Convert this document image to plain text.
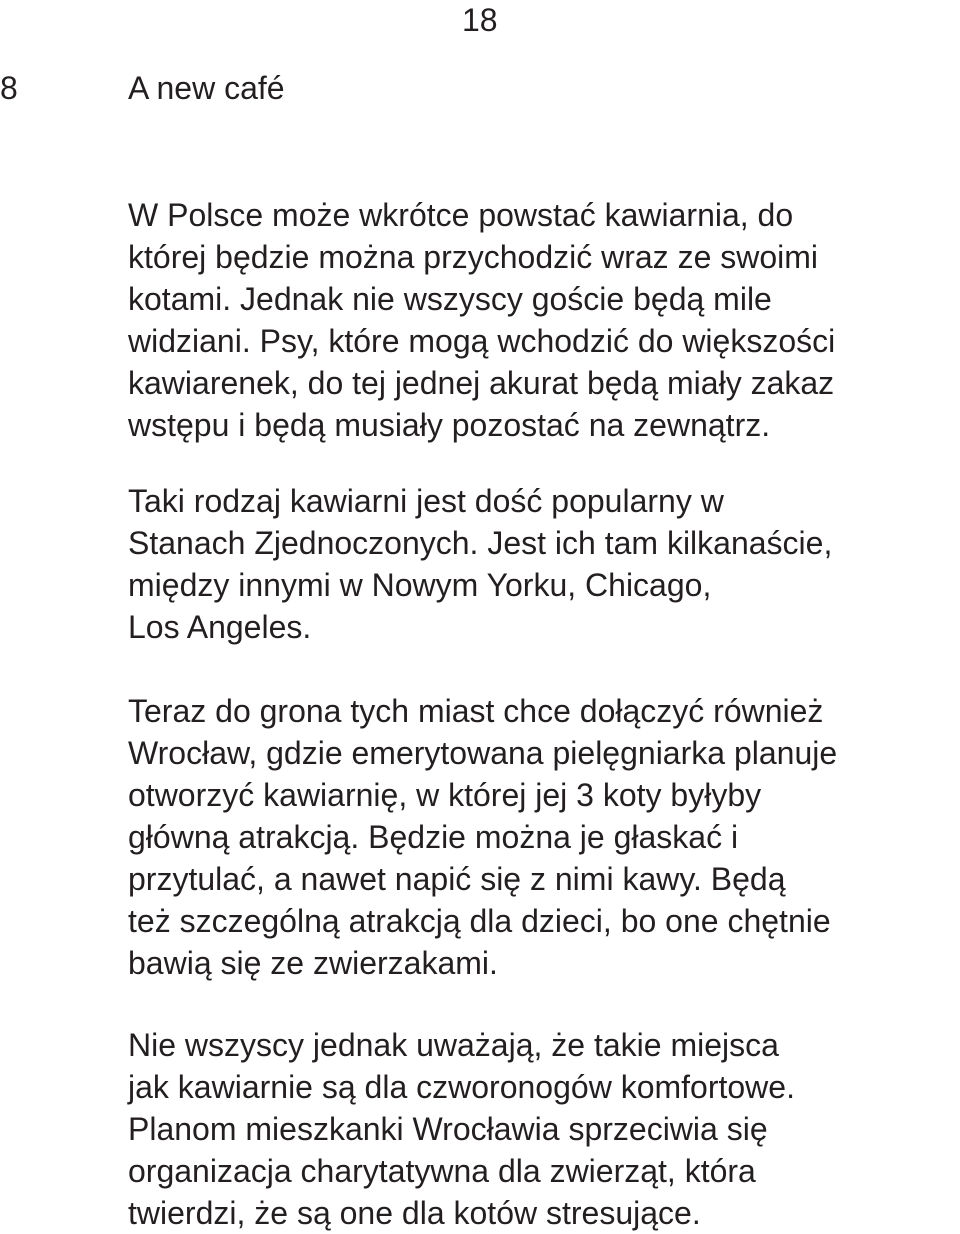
18
8	A new café

W Polsce może wkrótce powstać kawiarnia, do
której będzie można przychodzić wraz ze swoimi
kotami. Jednak nie wszyscy goście będą mile
widziani. Psy, które mogą wchodzić do większości
kawiarenek, do tej jednej akurat będą miały zakaz
wstępu i będą musiały pozostać na zewnątrz.

Taki rodzaj kawiarni jest dość popularny w
Stanach Zjednoczonych. Jest ich tam kilkanaście,
między innymi w Nowym Yorku, Chicago,
Los Angeles.

Teraz do grona tych miast chce dołączyć również
Wrocław, gdzie emerytowana pielęgniarka planuje
otworzyć kawiarnię, w której jej 3 koty byłyby
główną atrakcją. Będzie można je głaskać i
przytulać, a nawet napić się z nimi kawy. Będą
też szczególną atrakcją dla dzieci, bo one chętnie
bawią się ze zwierzakami.

Nie wszyscy jednak uważają, że takie miejsca
jak kawiarnie są dla czworonogów komfortowe.
Planom mieszkanki Wrocławia sprzeciwia się
organizacja charytatywna dla zwierząt, która
twierdzi, że są one dla kotów stresujące.
